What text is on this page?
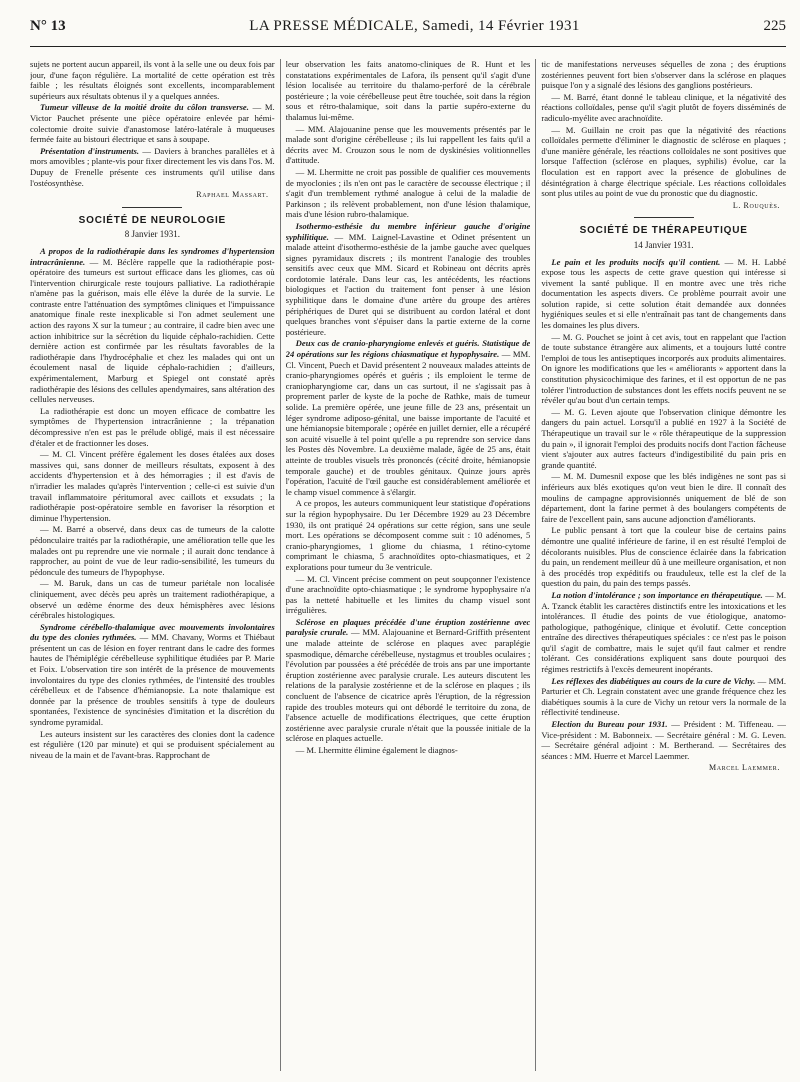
N° 13	LA PRESSE MÉDICALE, Samedi, 14 Février 1931	225

sujets ne portent aucun appareil, ils vont à la selle une ou deux fois par jour, d'une façon régulière. La mortalité de cette opération est très faible ; les résultats éloignés sont excellents, incomparablement supérieurs aux résultats obtenus il y a quelques années.

Tumeur villeuse de la moitié droite du côlon transverse. — M. Victor Pauchet présente une pièce opératoire enlevée par hémi-colectomie droite suivie d'anastomose latéro-latérale à muqueuses fermée faite au bistouri électrique et sans à soupape.

Présentation d'instruments. — Daviers à branches parallèles et à mors amovibles ; plante-vis pour fixer directement les vis dans l'os. M. Dupuy de Frenelle présente ces instruments qu'il utilise dans l'ostéosynthèse.

Raphael Massart.
SOCIÉTÉ DE NEUROLOGIE
8 Janvier 1931.

A propos de la radiothérapie dans les syndromes d'hypertension intracrânienne. — M. Béclère rappelle que la radiothérapie post-opératoire des tumeurs est surtout efficace dans les gliomes, cas où l'intervention chirurgicale reste toujours palliative. La radiothérapie n'amène pas la guérison, mais elle élève la durée de la survie. Le contraste entre l'atténuation des symptômes cliniques et l'impuissance anatomique finale reste inexplicable si l'on admet seulement une action des rayons X sur la tumeur ; au contraire, il cadre bien avec une action inhibitrice sur la sécrétion du liquide céphalo-rachidien. Cette dernière action est confirmée par les résultats favorables de la radiothérapie dans l'hydrocéphalie et chez les malades qui ont un écoulement nasal de liquide céphalo-rachidien ; d'ailleurs, expérimentalement, Marburg et Spiegel ont constaté après radiothérapie des lésions des cellules apendymaires, sans altération des cellules nerveuses.

La radiothérapie est donc un moyen efficace de combattre les symptômes de l'hypertension intracrânienne ; la trépanation décompressive n'en est pas le prélude obligé, mais il est nécessaire d'étaler et de fractionner les doses.

— M. Cl. Vincent préfère également les doses étalées aux doses massives qui, sans donner de meilleurs résultats, exposent à des accidents d'hypertension et à des hémorragies ; il est d'avis de n'irradier les malades qu'après l'intervention ; celle-ci est suivie d'un travail inflammatoire péritumoral avec caillots et exsudats ; la radiothérapie post-opératoire semble en favoriser la résorption et diminue l'hypertension.

— M. Barré a observé, dans deux cas de tumeurs de la calotte pédonculaire traités par la radiothérapie, une amélioration telle que les malades ont pu reprendre une vie normale ; il aurait donc tendance à rapprocher, au point de vue de leur radio-sensibilité, les tumeurs du pédoncule des tumeurs de l'hypophyse.

— M. Baruk, dans un cas de tumeur pariétale non localisée cliniquement, avec décès peu après un traitement radiothérapique, a observé un œdème énorme des deux hémisphères avec lésions cérébrales histologiques.

Syndrome cérébello-thalamique avec mouvements involontaires du type des clonies rythmées. — MM. Chavany, Worms et Thiébaut présentent un cas de lésion en foyer rentrant dans le cadre des formes hautes de l'hémiplégie cérébelleuse syphilitique étudiées par P. Marie et Foix. L'observation tire son intérêt de la présence de mouvements involontaires du type des clonies rythmées, de l'intensité des troubles cérébelleux et de l'absence d'hémianopsie. La note thalamique est donnée par la présence de troubles sensitifs à type de douleurs spontanées, l'existence de syncinésies d'imitation et la discrétion du syndrome pyramidal.

Les auteurs insistent sur les caractères des clonies dont la cadence est régulière (120 par minute) et qui se produisent spécialement au niveau de la main et de l'avant-bras. Rapprochant de

leur observation les faits anatomo-cliniques de R. Hunt et les constatations expérimentales de Lafora, ils pensent qu'il s'agit d'une lésion localisée au territoire du thalamo-perforé de la cérébrale postérieure ; la voie cérébelleuse peut être touchée, soit dans la région sous et rétro-thalamique, soit dans la partie supéro-externe du thalamus lui-même.

— MM. Alajouanine pense que les mouvements présentés par le malade sont d'origine cérébelleuse ; ils lui rappellent les faits qu'il a décrits avec M. Crouzon sous le nom de dyskinésies volitionnelles d'attitude.

— M. Lhermitte ne croit pas possible de qualifier ces mouvements de myoclonies ; ils n'en ont pas le caractère de secousse électrique ; il s'agit d'un tremblement rythmé analogue à celui de la maladie de Parkinson ; ils relèvent probablement, non d'une lésion thalamique, mais d'une lésion rubro-thalamique.

Isothermo-esthésie du membre inférieur gauche d'origine syphilitique. — MM. Laignel-Lavastine et Odinet présentent un malade atteint d'isothermo-esthésie de la jambe gauche avec quelques signes pyramidaux discrets ; ils montrent l'analogie des troubles sensitifs avec ceux que MM. Sicard et Robineau ont décrits après cordotomie latérale. Dans leur cas, les antécédents, les réactions biologiques et l'action du traitement font penser à une lésion syphilitique dans le domaine d'une artère du groupe des artères périphériques de Duret qui se distribuent au cordon latéral et dont quelques branches vont s'épuiser dans la partie externe de la corne postérieure.

Deux cas de cranio-pharyngiome enlevés et guéris. Statistique de 24 opérations sur les régions chiasmatique et hypophysaire. — MM. Cl. Vincent, Puech et David présentent 2 nouveaux malades atteints de cranio-pharyngiomes opérés et guéris ; ils emploient le terme de craniopharyngiome car, dans un cas surtout, il ne s'agissait pas à proprement parler de kyste de la poche de Rathke, mais de tumeur solide. La première opérée, une jeune fille de 23 ans, présentait un léger syndrome adiposo-génital, une baisse importante de l'acuité et une hémianopsie bitemporale ; opérée en juillet dernier, elle a récupéré son acuité visuelle à tel point qu'elle a pu reprendre son service dans les Postes dès Novembre. La deuxième malade, âgée de 25 ans, était atteinte de troubles visuels très prononcés (cécité droite, hémianopsie temporale gauche) et de troubles génitaux. Quinze jours après l'opération, l'acuité de l'œil gauche est considérablement améliorée et le champ visuel commence à s'élargir.

A ce propos, les auteurs communiquent leur statistique d'opérations sur la région hypophysaire. Du 1er Décembre 1929 au 23 Décembre 1930, ils ont pratiqué 24 opérations sur cette région, sans une seule mort. Les opérations se décomposent comme suit : 10 adénomes, 5 cranio-pharyngiomes, 1 gliome du chiasma, 1 rétino-cytome comprimant le chiasma, 5 arachnoïdites opto-chiasmatiques, et 2 explorations pour tumeur du 3e ventricule.

— M. Cl. Vincent précise comment on peut soupçonner l'existence d'une arachnoïdite opto-chiasmatique ; le syndrome hypophysaire n'a pas la netteté habituelle et les limites du champ visuel sont irrégulières.

Sclérose en plaques précédée d'une éruption zostérienne avec paralysie crurale. — MM. Alajouanine et Bernard-Griffith présentent une malade atteinte de sclérose en plaques avec paraplégie spasmodique, démarche cérébelleuse, nystagmus et troubles oculaires ; l'évolution par poussées a été précédée de trois ans par une importante éruption zostérienne avec paralysie crurale. Les auteurs discutent les relations de la paralysie zostérienne et de la sclérose en plaques ; ils concluent de l'absence de cicatrice après l'éruption, de la régression rapide des troubles moteurs qui ont débordé le territoire du zona, de l'absence actuelle de modifications électriques, que cette éruption zostérienne avec paralysie crurale n'était que la poussée initiale de la sclérose en plaques actuelle.

— M. Lhermitte élimine également le diagnos-

tic de manifestations nerveuses séquelles de zona ; des éruptions zostériennes peuvent fort bien s'observer dans la sclérose en plaques puisque l'on y a signalé des lésions des ganglions postérieurs.

— M. Barré, étant donné le tableau clinique, et la négativité des réactions colloïdales, pense qu'il s'agit plutôt de foyers disséminés de radiculo-myélite avec arachnoïdite.

— M. Guillain ne croit pas que la négativité des réactions colloïdales permette d'éliminer le diagnostic de sclérose en plaques ; d'une manière générale, les réactions colloïdales ne sont positives que lorsque l'affection (sclérose en plaques, syphilis) évolue, car la floculation est en rapport avec la présence de globulines de désintégration à charge électrique spéciale. Les réactions colloïdales sont plus utiles au point de vue du pronostic que du diagnostic.

L. Rouquès.
SOCIÉTÉ DE THÉRAPEUTIQUE
14 Janvier 1931.

Le pain et les produits nocifs qu'il contient. — M. H. Labbé expose tous les aspects de cette grave question qui intéresse si vivement la santé publique. Il en montre avec une très riche documentation les aspects divers. Ce problème pourrait avoir une solution rapide, si cette solution était demandée aux données hygiéniques seules et si elle n'entraînait pas tant de changements dans les domaines les plus divers.

— M. G. Pouchet se joint à cet avis, tout en rappelant que l'action de toute substance étrangère aux aliments, et a toujours lutté contre l'emploi de tous les antiseptiques incorporés aux produits alimentaires. On ignore les modifications que les « améliorants » apportent dans la constitution physicochimique des farines, et il est opportun de ne pas tolérer l'introduction de substances dont les effets nocifs peuvent ne se révéler qu'au bout d'un certain temps.

— M. G. Leven ajoute que l'observation clinique démontre les dangers du pain actuel. Lorsqu'il a publié en 1927 à la Société de Thérapeutique un travail sur le « rôle thérapeutique de la suppression du pain », il ignorait l'emploi des produits nocifs dont l'action fâcheuse vient s'ajouter aux autres facteurs d'indigestibilité du pain pris en grande quantité.

— M. M. Dumesnil expose que les blés indigènes ne sont pas si inférieurs aux blés exotiques qu'on veut bien le dire. Il connaît des moulins de campagne approvisionnés uniquement de blé de son département, dont la farine permet à des boulangers compétents de faire de l'excellent pain, sans aucune adjonction d'améliorants.

Le public pensant à tort que la couleur bise de certains pains démontre une qualité inférieure de farine, il en est résulté l'emploi de décolorants nuisibles. Plus de conscience éclairée dans la fabrication du pain, un rendement meilleur dû à une meilleure organisation, et non à des procédés trop expéditifs ou frauduleux, telle est la clef de la question du pain, du pain des temps passés.

La notion d'intolérance ; son importance en thérapeutique. — M. A. Tzanck établit les caractères distinctifs entre les intoxications et les intolérances. Il étudie des points de vue étiologique, anatomo-pathologique, pathogénique, clinique et évolutif. Cette conception entraîne des directives thérapeutiques spéciales : ce n'est pas le poison qu'il s'agit de combattre, mais le sujet qu'il faut calmer et rendre tolérant. Ces considérations expliquent sans doute pourquoi des régimes restrictifs à l'excès demeurent inopérants.

Les réflexes des diabétiques au cours de la cure de Vichy. — MM. Parturier et Ch. Legrain constatent avec une grande fréquence chez les diabétiques soumis à la cure de Vichy un retour vers la normale de la réflectivité tendineuse.

Election du Bureau pour 1931. — Président : M. Tiffeneau. — Vice-président : M. Babonneix. — Secrétaire général : M. G. Leven. — Secrétaire général adjoint : M. Bertherand. — Secrétaires des séances : MM. Huerre et Marcel Laemmer.

Marcel Laemmer.
